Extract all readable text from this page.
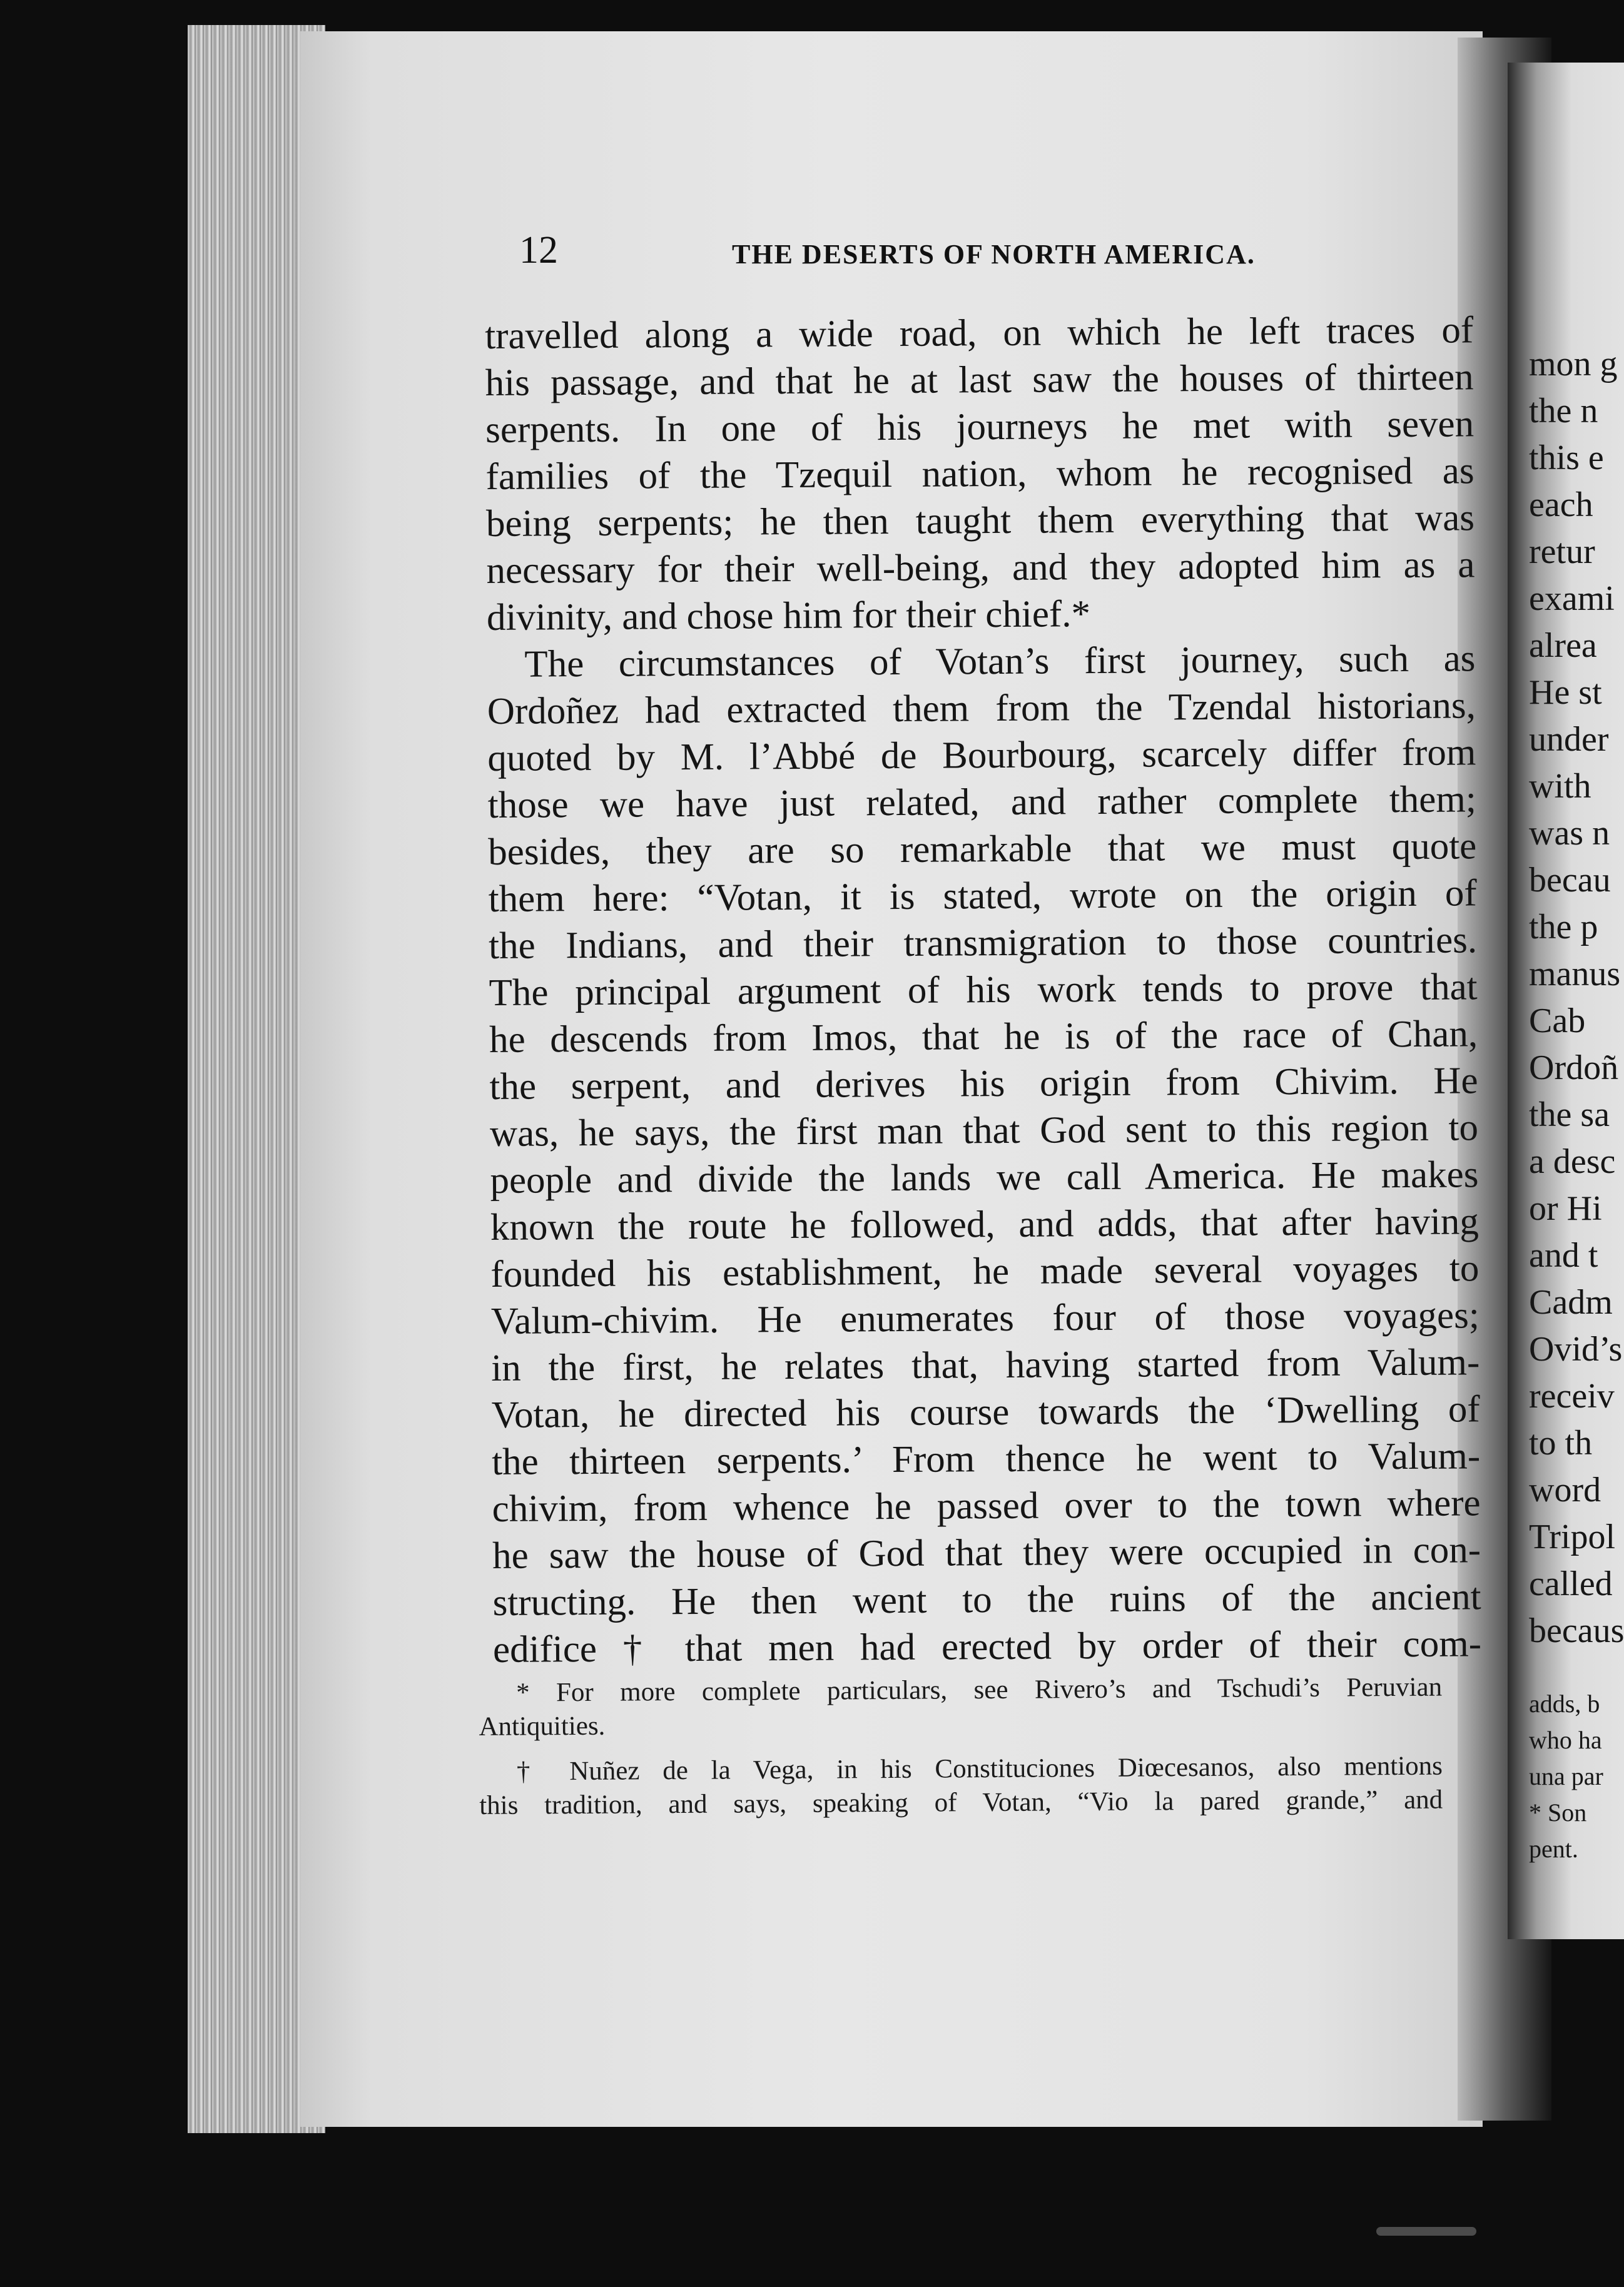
mon g
the n
this e
each
retur
exami
alrea
He st
under
with
was n
becau
the p
manus
Cab
Ordoñ
the sa
a desc
or Hi
and t
Cadm
Ovid’s
receiv
to th
word
Tripol
called
becaus
adds, b
who ha
una par
* Son
pent.
12	THE DESERTS OF NORTH AMERICA.
travelled along a wide road, on which he left traces of
his passage, and that he at last saw the houses of thirteen
serpents. In one of his journeys he met with seven
families of the Tzequil nation, whom he recognised as
being serpents; he then taught them everything that was
necessary for their well-being, and they adopted him as a
divinity, and chose him for their chief.*
The circumstances of Votan’s first journey, such as
Ordoñez had extracted them from the Tzendal historians,
quoted by M. l’Abbé de Bourbourg, scarcely differ from
those we have just related, and rather complete them;
besides, they are so remarkable that we must quote
them here: “Votan, it is stated, wrote on the origin of
the Indians, and their transmigration to those countries.
The principal argument of his work tends to prove that
he descends from Imos, that he is of the race of Chan,
the serpent, and derives his origin from Chivim. He
was, he says, the first man that God sent to this region to
people and divide the lands we call America. He makes
known the route he followed, and adds, that after having
founded his establishment, he made several voyages to
Valum-chivim. He enumerates four of those voyages;
in the first, he relates that, having started from Valum-
Votan, he directed his course towards the ‘Dwelling of
the thirteen serpents.’ From thence he went to Valum-
chivim, from whence he passed over to the town where
he saw the house of God that they were occupied in con-
structing. He then went to the ruins of the ancient
edifice † that men had erected by order of their com-
* For more complete particulars, see Rivero’s and Tschudi’s Peruvian
Antiquities.
† Nuñez de la Vega, in his Constituciones Diœcesanos, also mentions
this tradition, and says, speaking of Votan, “Vio la pared grande,” and
